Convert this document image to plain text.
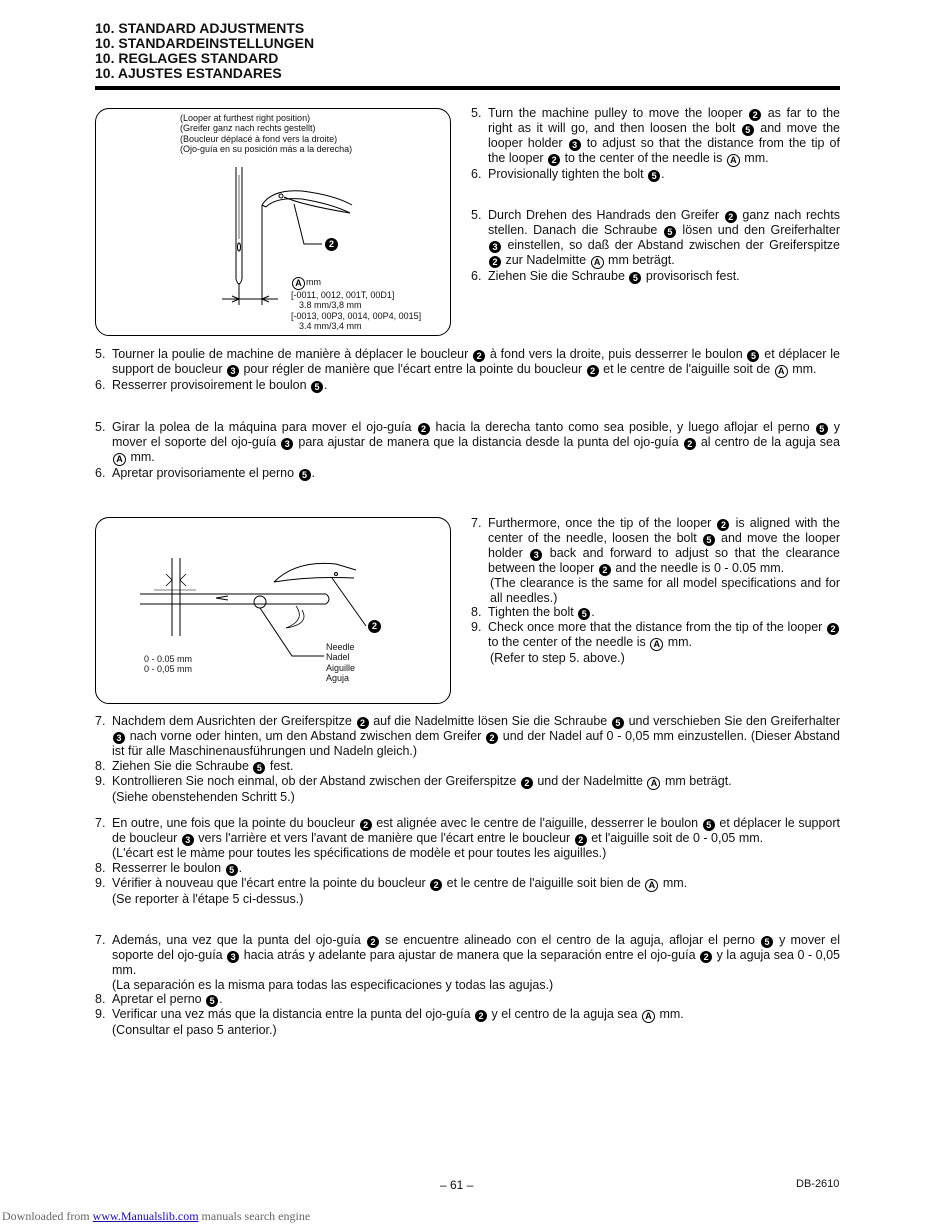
10. STANDARD ADJUSTMENTS
10. STANDARDEINSTELLUNGEN
10. REGLAGES STANDARD
10. AJUSTES ESTANDARES
(Looper at furthest right position)
(Greifer ganz nach rechts gestellt)
(Boucleur déplacé à fond vers la droite)
(Ojo-guía en su posición más a la derecha)
2
A mm
[-0011, 0012, 001T, 00D1]
3.8 mm/3,8 mm
[-0013, 00P3, 0014, 00P4, 0015]
3.4 mm/3,4 mm
5. Turn the machine pulley to move the looper 2 as far to the right as it will go, and then loosen the bolt 5 and move the looper holder 3 to adjust so that the distance from the tip of the looper 2 to the center of the needle is A mm.
6. Provisionally tighten the bolt 5 .
5. Durch Drehen des Handrads den Greifer 2 ganz nach rechts stellen. Danach die Schraube 5 lösen und den Greiferhalter 3 einstellen, so daß der Abstand zwischen der Greiferspitze 2 zur Nadelmitte A mm beträgt.
6. Ziehen Sie die Schraube 5 provisorisch fest.
5. Tourner la poulie de machine de manière à déplacer le boucleur 2 à fond vers la droite, puis desserrer le boulon 5 et déplacer le support de boucleur 3 pour régler de manière que l'écart entre la pointe du boucleur 2 et le centre de l'aiguille soit de A mm.
6. Resserrer provisoirement le boulon 5 .
5. Girar la polea de la máquina para mover el ojo-guía 2 hacia la derecha tanto como sea posible, y luego aflojar el perno 5 y mover el soporte del ojo-guía 3 para ajustar de manera que la distancia desde la punta del ojo-guía 2 al centro de la aguja sea A mm.
6. Apretar provisoriamente el perno 5 .
2
0 - 0.05 mm
0 - 0,05 mm
Needle
Nadel
Aiguille
Aguja
7. Furthermore, once the tip of the looper 2 is aligned with the center of the needle, loosen the bolt 5 and move the looper holder 3 back and forward to adjust so that the clearance between the looper 2 and the needle is 0 - 0.05 mm.
(The clearance is the same for all model specifications and for all needles.)
8. Tighten the bolt 5 .
9. Check once more that the distance from the tip of the looper 2 to the center of the needle is A mm.
(Refer to step 5. above.)
7. Nachdem dem Ausrichten der Greiferspitze 2 auf die Nadelmitte lösen Sie die Schraube 5 und verschieben Sie den Greiferhalter 3 nach vorne oder hinten, um den Abstand zwischen dem Greifer 2 und der Nadel auf 0 - 0,05 mm einzustellen. (Dieser Abstand ist für alle Maschinenausführungen und Nadeln gleich.)
8. Ziehen Sie die Schraube 5 fest.
9. Kontrollieren Sie noch einmal, ob der Abstand zwischen der Greiferspitze 2 und der Nadelmitte A mm beträgt.
(Siehe obenstehenden Schritt 5.)
7. En outre, une fois que la pointe du boucleur 2 est alignée avec le centre de l'aiguille, desserrer le boulon 5 et déplacer le support de boucleur 3 vers l'arrière et vers l'avant de manière que l'écart entre le boucleur 2 et l'aiguille soit de 0 - 0,05 mm.
(L'écart est le màme pour toutes les spécifications de modèle et pour toutes les aiguilles.)
8. Resserrer le boulon 5 .
9. Vérifier à nouveau que l'écart entre la pointe du boucleur 2 et le centre de l'aiguille soit bien de A mm.
(Se reporter à l'étape 5 ci-dessus.)
7. Además, una vez que la punta del ojo-guía 2 se encuentre alineado con el centro de la aguja, aflojar el perno 5 y mover el soporte del ojo-guía 3 hacia atrás y adelante para ajustar de manera que la separación entre el ojo-guía 2 y la aguja sea 0 - 0,05 mm.
(La separación es la misma para todas las especificaciones y todas las agujas.)
8. Apretar el perno 5 .
9. Verificar una vez más que la distancia entre la punta del ojo-guía 2 y el centro de la aguja sea A mm.
(Consultar el paso 5 anterior.)
– 61 –	DB-2610
Downloaded from www.Manualslib.com manuals search engine
